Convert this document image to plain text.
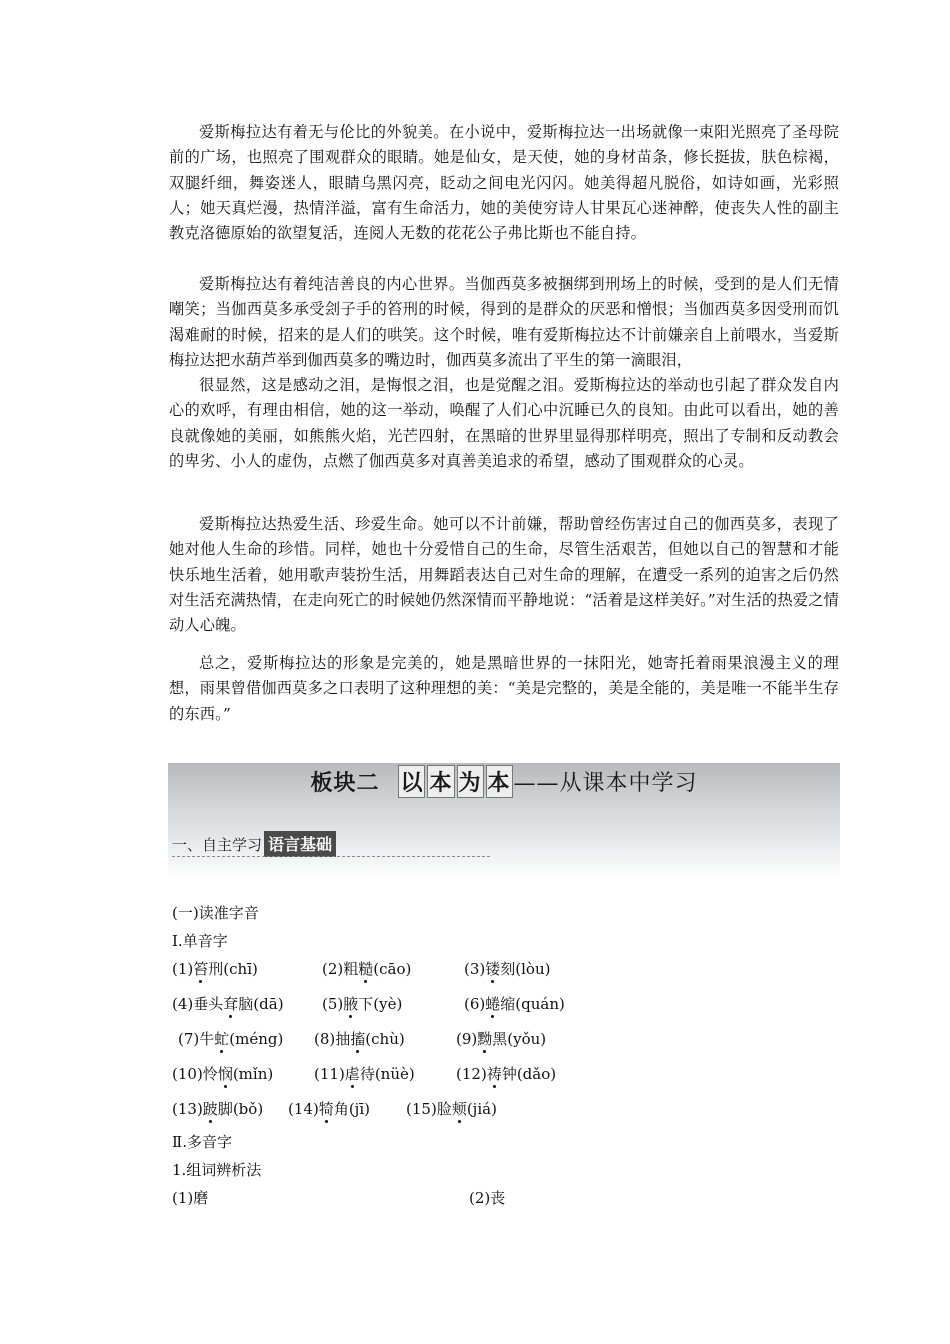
爱斯梅拉达有着无与伦比的外貌美。在小说中，爱斯梅拉达一出场就像一束阳光照亮了圣母院前的广场，也照亮了围观群众的眼睛。她是仙女，是天使，她的身材苗条，修长挺拔，肤色棕褐，双腿纤细，舞姿迷人，眼睛乌黑闪亮，眨动之间电光闪闪。她美得超凡脱俗，如诗如画，光彩照人；她天真烂漫，热情洋溢，富有生命活力，她的美使穷诗人甘果瓦心迷神醉，使丧失人性的副主教克洛德原始的欲望复活，连阅人无数的花花公子弗比斯也不能自持。

爱斯梅拉达有着纯洁善良的内心世界。当伽西莫多被捆绑到刑场上的时候，受到的是人们无情嘲笑；当伽西莫多承受刽子手的笞刑的时候，得到的是群众的厌恶和憎恨；当伽西莫多因受刑而饥渴难耐的时候，招来的是人们的哄笑。这个时候，唯有爱斯梅拉达不计前嫌亲自上前喂水，当爱斯梅拉达把水葫芦举到伽西莫多的嘴边时，伽西莫多流出了平生的第一滴眼泪，

很显然，这是感动之泪，是悔恨之泪，也是觉醒之泪。爱斯梅拉达的举动也引起了群众发自内心的欢呼，有理由相信，她的这一举动，唤醒了人们心中沉睡已久的良知。由此可以看出，她的善良就像她的美丽，如熊熊火焰，光芒四射，在黑暗的世界里显得那样明亮，照出了专制和反动教会的卑劣、小人的虚伪，点燃了伽西莫多对真善美追求的希望，感动了围观群众的心灵。

爱斯梅拉达热爱生活、珍爱生命。她可以不计前嫌，帮助曾经伤害过自己的伽西莫多，表现了她对他人生命的珍惜。同样，她也十分爱惜自己的生命，尽管生活艰苦，但她以自己的智慧和才能快乐地生活着，她用歌声装扮生活，用舞蹈表达自己对生命的理解，在遭受一系列的迫害之后仍然对生活充满热情，在走向死亡的时候她仍然深情而平静地说：“活着是这样美好。”对生活的热爱之情动人心魄。

总之，爱斯梅拉达的形象是完美的，她是黑暗世界的一抹阳光，她寄托着雨果浪漫主义的理想，雨果曾借伽西莫多之口表明了这种理想的美：“美是完整的，美是全能的，美是唯一不能半生存的东西。”

板块二 以 本 为 本 ——从课本中学习
一、自主学习 语言基础
(一)读准字音
Ⅰ.单音字
(1)笞刑(chī)	(2)粗糙(cāo)	(3)镂刻(lòu)
(4)垂头耷脑(dā)	(5)腋下(yè)	(6)蜷缩(quán)
(7)牛虻(méng) (8)抽搐(chù)	(9)黝黑(yǒu)
(10)怜悯(mǐn)	(11)虐待(nüè)	(12)祷钟(dǎo)
(13)跛脚(bǒ) (14)犄角(jī) (15)脸颊(jiá)
Ⅱ.多音字
1.组词辨析法
(1)磨	(2)丧
